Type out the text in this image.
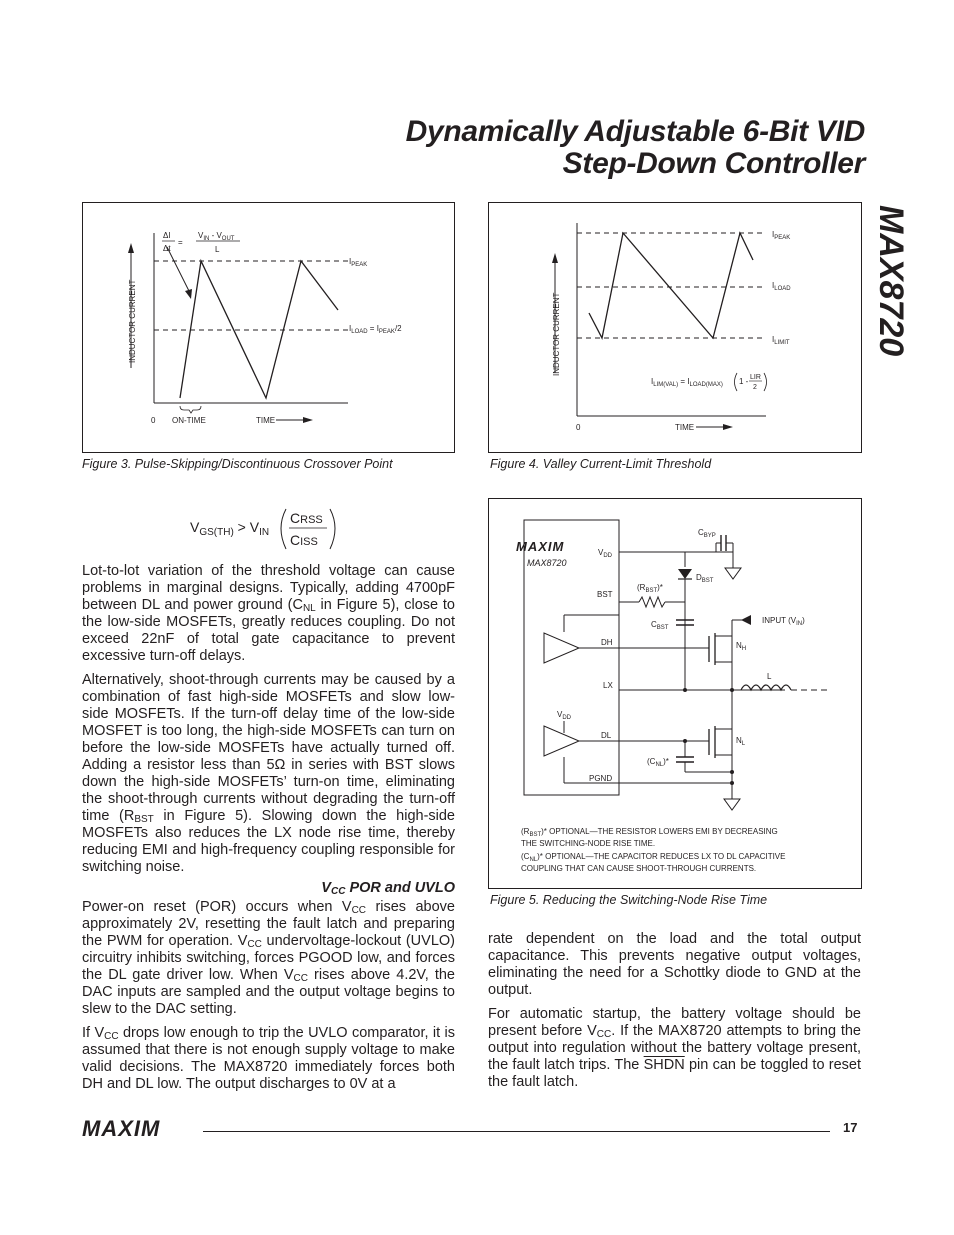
Dynamically Adjustable 6-Bit VID
Step-Down Controller
MAX8720
INDUCTOR CURRENT
ΔI
Δt
=
$V_{IN} - V_{OUT}$
L
$I_{PEAK}$
$I_{LOAD} = I_{PEAK}/2$
0 ON-TIME	TIME
Figure 3. Pulse-Skipping/Discontinuous Crossover Point
INDUCTOR CURRENT
$I_{PEAK}$
$I_{LOAD}$
$I_{LIMIT}$
$I_{LIM(VAL)} = I_{LOAD(MAX)}$ 1 - LIR
2
0	TIME
Figure 4. Valley Current-Limit Threshold
$V_{GS(TH)} > V_{IN}$
CRSS
CISS

Lot-to-lot variation of the threshold voltage can cause problems in marginal designs. Typically, adding 4700pF between DL and power ground ($C_{NL}$ in Figure 5), close to the low-side MOSFETs, greatly reduces coupling. Do not exceed 22nF of total gate capacitance to prevent excessive turn-off delays.

Alternatively, shoot-through currents may be caused by a combination of fast high-side MOSFETs and slow low-side MOSFETs. If the turn-off delay time of the low-side MOSFET is too long, the high-side MOSFETs can turn on before the low-side MOSFETs have actually turned off. Adding a resistor less than 5Ω in series with BST slows down the high-side MOSFETs’ turn-on time, eliminating the shoot-through currents without degrading the turn-off time ($R_{BST}$ in Figure 5). Slowing down the high-side MOSFETs also reduces the LX node rise time, thereby reducing EMI and high-frequency coupling responsible for switching noise.

$V_{CC}$ POR and UVLO

Power-on reset (POR) occurs when $V_{CC}$ rises above approximately 2V, resetting the fault latch and preparing the PWM for operation. $V_{CC}$ undervoltage-lockout (UVLO) circuitry inhibits switching, forces PGOOD low, and forces the DL gate driver low. When $V_{CC}$ rises above 4.2V, the DAC inputs are sampled and the output voltage begins to slew to the DAC setting.

If $V_{CC}$ drops low enough to trip the UVLO comparator, it is assumed that there is not enough supply voltage to make valid decisions. The MAX8720 immediately forces both DH and DL low. The output discharges to 0V at a

MAXIM
MAX8720
$V_{DD}$
BST
DH
LX
DL
PGND
$V_{DD}$
$C_{BYP}$
$D_{BST}$
$(R_{BST})*$
$C_{BST}$
INPUT $(V_{IN})$
$N_H$
L
$N_L$
$(C_{NL})*$
$(R_{BST})*$ OPTIONAL—THE RESISTOR LOWERS EMI BY DECREASING
THE SWITCHING-NODE RISE TIME.
$(C_{NL})*$ OPTIONAL—THE CAPACITOR REDUCES LX TO DL CAPACITIVE
COUPLING THAT CAN CAUSE SHOOT-THROUGH CURRENTS.
Figure 5. Reducing the Switching-Node Rise Time

rate dependent on the load and the total output capacitance. This prevents negative output voltages, eliminating the need for a Schottky diode to GND at the output.

For automatic startup, the battery voltage should be present before $V_{CC}$. If the MAX8720 attempts to bring the output into regulation without the battery voltage present, the fault latch trips. The SHDN pin can be toggled to reset the fault latch.

MAXIM	17
